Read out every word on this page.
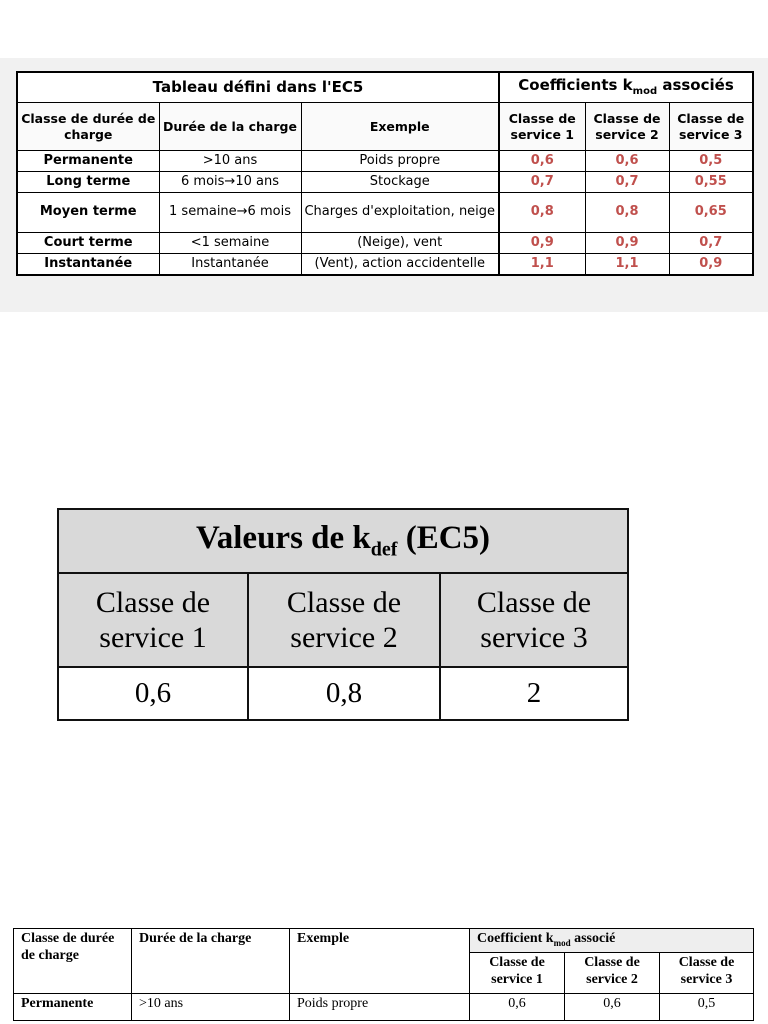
Tableau défini dans l'EC5			Coefficients $k_{mod}$ associés		
Classe de durée de charge	Durée de la charge	Exemple	Classe de service 1	Classe de service 2	Classe de service 3
Permanente	>10 ans	Poids propre	0,6	0,6	0,5
Long terme	6 mois→10 ans	Stockage	0,7	0,7	0,55
Moyen terme	1 semaine→6 mois	Charges d'exploitation, neige	0,8	0,8	0,65
Court terme	<1 semaine	(Neige), vent	0,9	0,9	0,7
Instantanée	Instantanée	(Vent), action accidentelle	1,1	1,1	0,9
Valeurs de $k_{def}$ (EC5)		
Classe de service 1	Classe de service 2	Classe de service 3
0,6	0,8	2
Classe de durée de charge	Durée de la charge	Exemple	Coefficient $k_{mod}$ associé		
			Classe de service 1	Classe de service 2	Classe de service 3
Permanente	>10 ans	Poids propre	0,6	0,6	0,5
